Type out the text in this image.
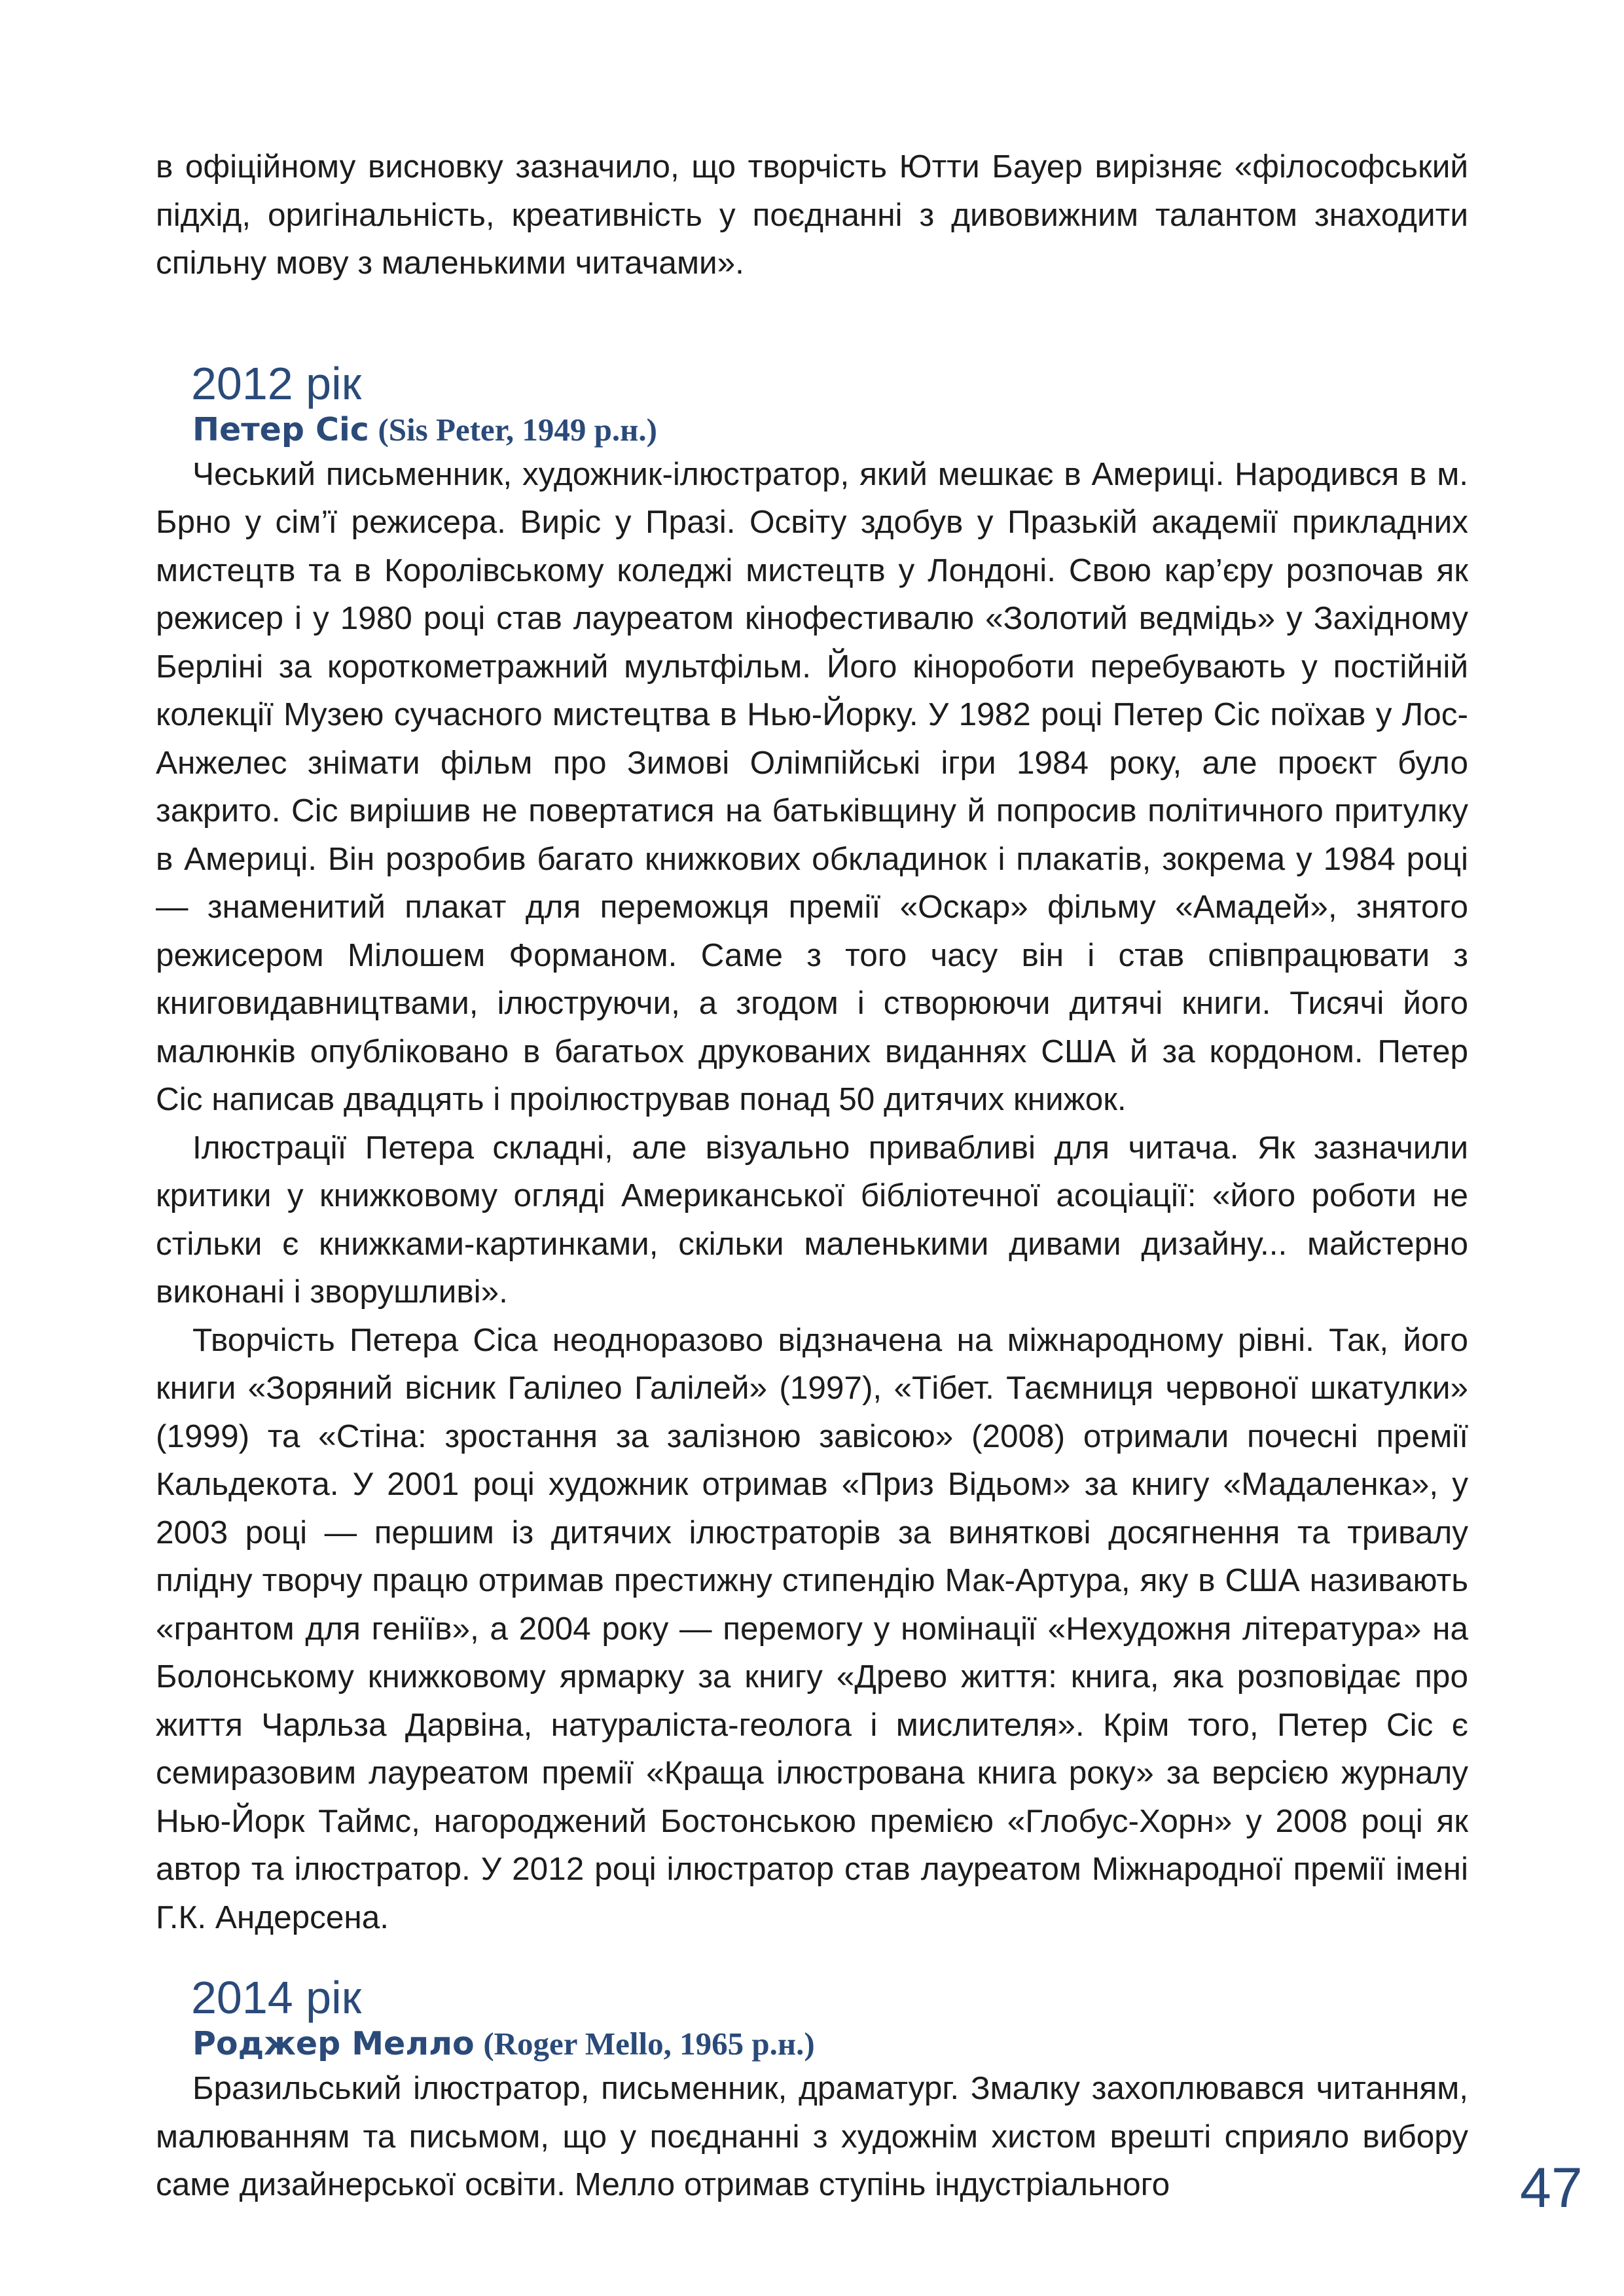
в офіційному висновку зазначило, що творчість Ютти Бауер вирізняє «філософський підхід, оригінальність, креативність у поєднанні з дивовижним талантом знаходити спільну мову з маленькими читачами».

2012 рік
Петер Сіс (Sis Peter, 1949 р.н.)

Чеський письменник, художник-ілюстратор, який мешкає в Америці. Народився в м. Брно у сім’ї режисера. Виріс у Празі. Освіту здобув у Празькій академії прикладних мистецтв та в Королівському коледжі мистецтв у Лондоні. Свою кар’єру розпочав як режисер і у 1980 році став лауреатом кінофестивалю «Золотий ведмідь» у Західному Берліні за короткометражний мультфільм. Його кінороботи перебувають у постійній колекції Музею сучасного мистецтва в Нью-Йорку. У 1982 році Петер Сіс поїхав у Лос-Анжелес знімати фільм про Зимові Олімпійські ігри 1984 року, але проєкт було закрито. Сіс вирішив не повертатися на батьківщину й попросив політичного притулку в Америці. Він розробив багато книжкових обкладинок і плакатів, зокрема у 1984 році — знаменитий плакат для переможця премії «Оскар» фільму «Амадей», знятого режисером Мілошем Форманом. Саме з того часу він і став співпрацювати з книговидавництвами, ілюструючи, а згодом і створюючи дитячі книги. Тисячі його малюнків опубліковано в багатьох друкованих виданнях США й за кордоном. Петер Сіс написав двадцять і проілюстрував понад 50 дитячих книжок.

Ілюстрації Петера складні, але візуально привабливі для читача. Як зазначили критики у книжковому огляді Американської бібліотечної асоціації: «його роботи не стільки є книжками-картинками, скільки маленькими дивами дизайну... майстерно виконані і зворушливі».

Творчість Петера Сіса неодноразово відзначена на міжнародному рівні. Так, його книги «Зоряний вісник Галілео Галілей» (1997), «Тібет. Таємниця червоної шкатулки» (1999) та «Стіна: зростання за залізною завісою» (2008) отримали почесні премії Кальдекота. У 2001 році художник отримав «Приз Відьом» за книгу «Мадаленка», у 2003 році — першим із дитячих ілюстраторів за виняткові досягнення та тривалу плідну творчу працю отримав престижну стипендію Мак-Артура, яку в США називають «грантом для геніїв», а 2004 року — перемогу у номінації «Нехудожня література» на Болонському книжковому ярмарку за книгу «Древо життя: книга, яка розповідає про життя Чарльза Дарвіна, натураліста-геолога і мислителя». Крім того, Петер Сіс є семиразовим лауреатом премії «Краща ілюстрована книга року» за версією журналу Нью-Йорк Таймс, нагороджений Бостонською премією «Глобус-Хорн» у 2008 році як автор та ілюстратор. У 2012 році ілюстратор став лауреатом Міжнародної премії імені Г.К. Андерсена.

2014 рік
Роджер Мелло (Roger Mello, 1965 р.н.)

Бразильський ілюстратор, письменник, драматург. Змалку захоплювався читанням, малюванням та письмом, що у поєднанні з художнім хистом врешті сприяло вибору саме дизайнерської освіти. Мелло отримав ступінь індустріального	47
